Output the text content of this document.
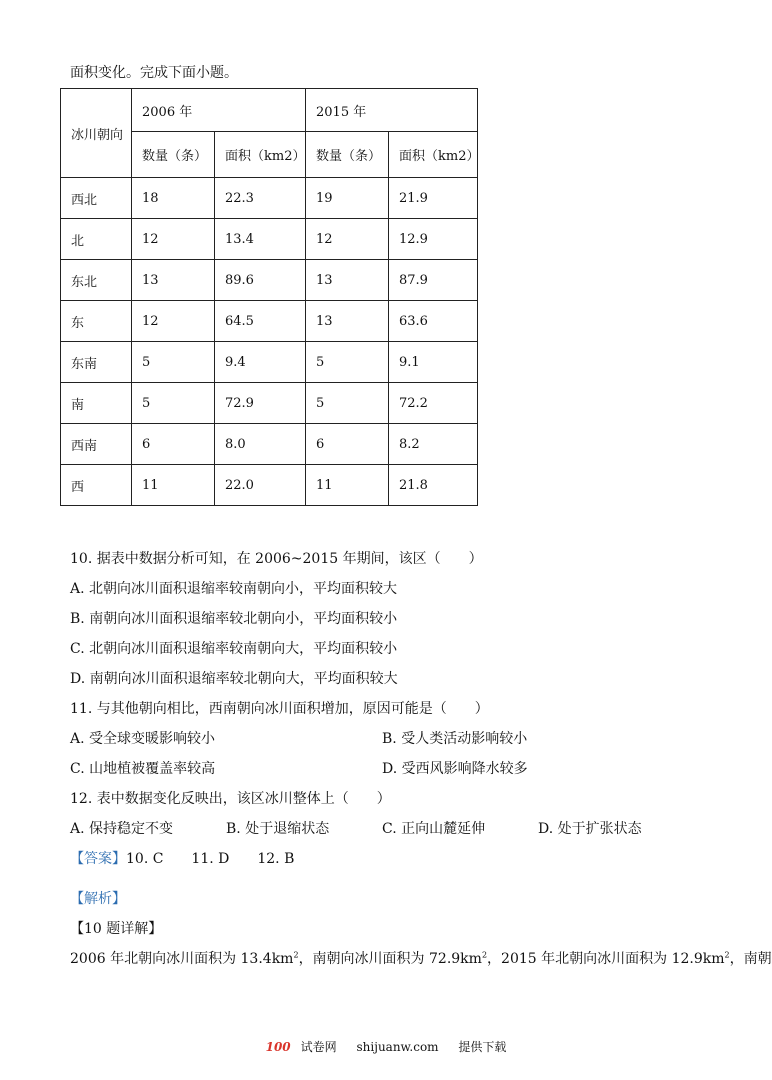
面积变化。完成下面小题。
冰川朝向	2006 年		2015 年	
	数量（条）	面积（km2）	数量（条）	面积（km2）
西北	18	22.3	19	21.9
北	12	13.4	12	12.9
东北	13	89.6	13	87.9
东	12	64.5	13	63.6
东南	5	9.4	5	9.1
南	5	72.9	5	72.2
西南	6	8.0	6	8.2
西	11	22.0	11	21.8
10. 据表中数据分析可知，在 2006~2015 年期间，该区（　　）
A. 北朝向冰川面积退缩率较南朝向小，平均面积较大
B. 南朝向冰川面积退缩率较北朝向小，平均面积较小
C. 北朝向冰川面积退缩率较南朝向大，平均面积较小
D. 南朝向冰川面积退缩率较北朝向大，平均面积较大
11. 与其他朝向相比，西南朝向冰川面积增加，原因可能是（　　）
A. 受全球变暖影响较小	B. 受人类活动影响较小
C. 山地植被覆盖率较高	D. 受西风影响降水较多
12. 表中数据变化反映出，该区冰川整体上（　　）
A. 保持稳定不变	B. 处于退缩状态	C. 正向山麓延伸	D. 处于扩张状态
【答案】10. C　　11. D　　12. B
【解析】
【10 题详解】
2006 年北朝向冰川面积为 $13.4km^2$，南朝向冰川面积为 $72.9km^2$，2015 年北朝向冰川面积为 $12.9km^2$，南朝
100 试卷网 shijuanw.com 提供下载
